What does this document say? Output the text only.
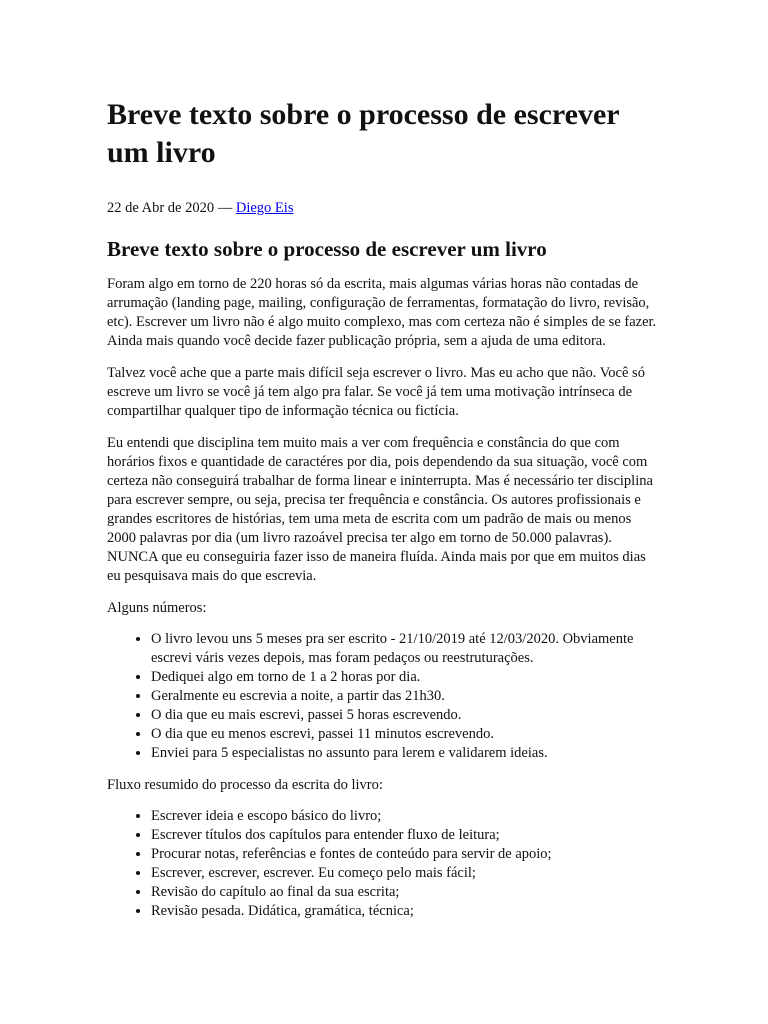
Breve texto sobre o processo de escrever um livro
22 de Abr de 2020 — Diego Eis
Breve texto sobre o processo de escrever um livro

Foram algo em torno de 220 horas só da escrita, mais algumas várias horas não contadas de arrumação (landing page, mailing, configuração de ferramentas, formatação do livro, revisão, etc). Escrever um livro não é algo muito complexo, mas com certeza não é simples de se fazer. Ainda mais quando você decide fazer publicação própria, sem a ajuda de uma editora.

Talvez você ache que a parte mais difícil seja escrever o livro. Mas eu acho que não. Você só escreve um livro se você já tem algo pra falar. Se você já tem uma motivação intrínseca de compartilhar qualquer tipo de informação técnica ou fictícia.

Eu entendi que disciplina tem muito mais a ver com frequência e constância do que com horários fixos e quantidade de caractéres por dia, pois dependendo da sua situação, você com certeza não conseguirá trabalhar de forma linear e ininterrupta. Mas é necessário ter disciplina para escrever sempre, ou seja, precisa ter frequência e constância. Os autores profissionais e grandes escritores de histórias, tem uma meta de escrita com um padrão de mais ou menos 2000 palavras por dia (um livro razoável precisa ter algo em torno de 50.000 palavras). NUNCA que eu conseguiria fazer isso de maneira fluída. Ainda mais por que em muitos dias eu pesquisava mais do que escrevia.

Alguns números:

• O livro levou uns 5 meses pra ser escrito - 21/10/2019 até 12/03/2020. Obviamente escrevi váris vezes depois, mas foram pedaços ou reestruturações.
• Dediquei algo em torno de 1 a 2 horas por dia.
• Geralmente eu escrevia a noite, a partir das 21h30.
• O dia que eu mais escrevi, passei 5 horas escrevendo.
• O dia que eu menos escrevi, passei 11 minutos escrevendo.
• Enviei para 5 especialistas no assunto para lerem e validarem ideias.

Fluxo resumido do processo da escrita do livro:

• Escrever ideia e escopo básico do livro;
• Escrever títulos dos capítulos para entender fluxo de leitura;
• Procurar notas, referências e fontes de conteúdo para servir de apoio;
• Escrever, escrever, escrever. Eu começo pelo mais fácil;
• Revisão do capítulo ao final da sua escrita;
• Revisão pesada. Didática, gramática, técnica;
